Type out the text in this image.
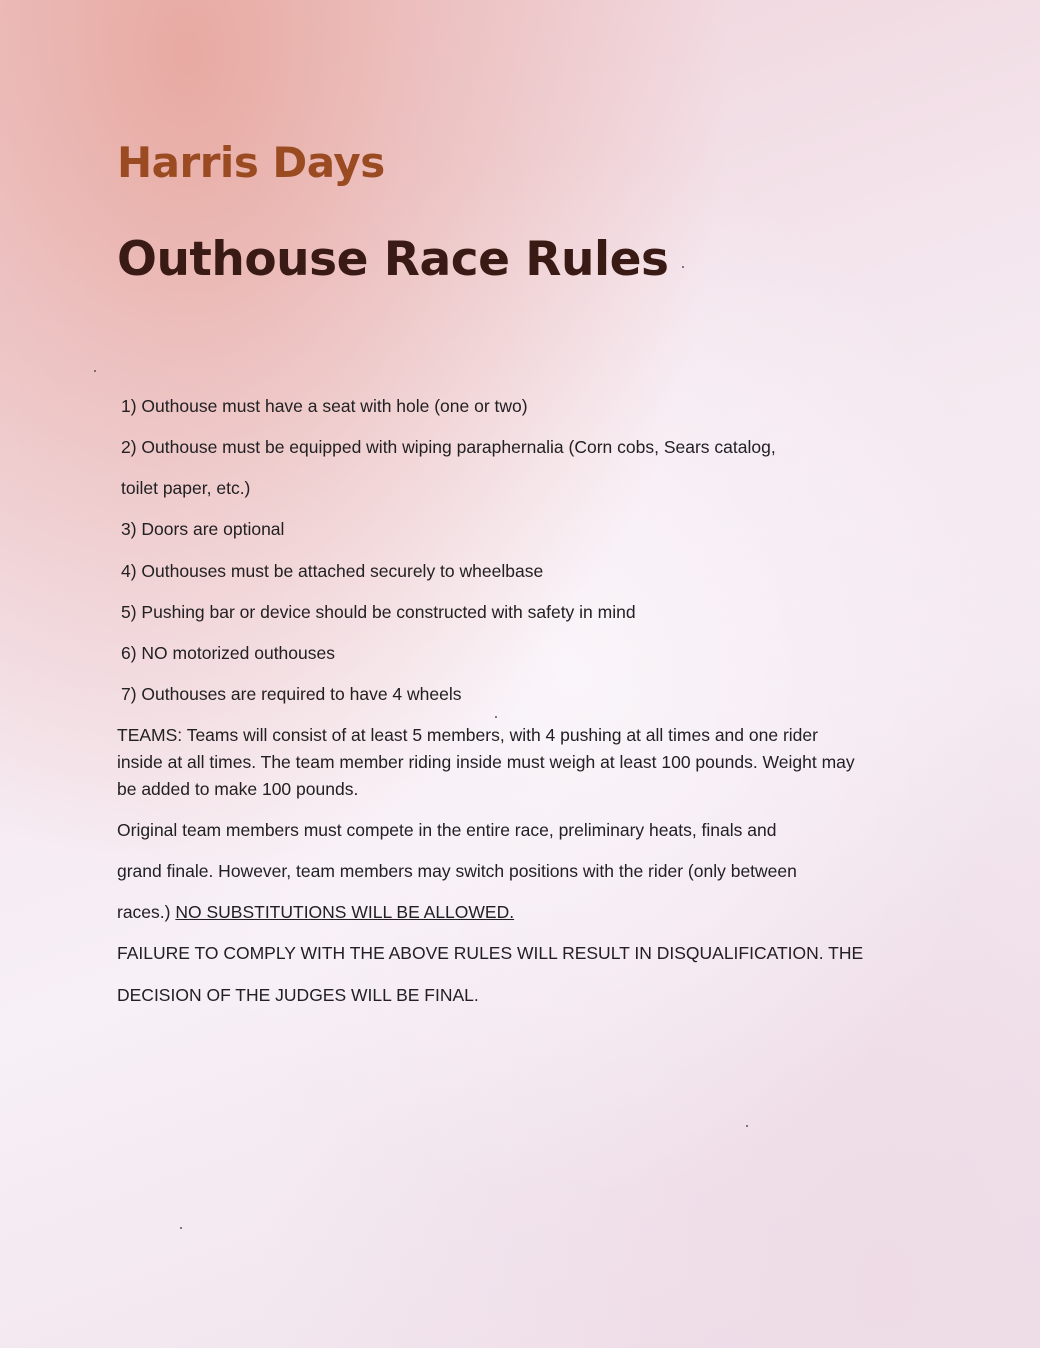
Harris Days
Outhouse Race Rules
1) Outhouse must have a seat with hole (one or two)
2) Outhouse must be equipped with wiping paraphernalia (Corn cobs, Sears catalog,
toilet paper, etc.)
3) Doors are optional
4) Outhouses must be attached securely to wheelbase
5) Pushing bar or device should be constructed with safety in mind
6) NO motorized outhouses
7) Outhouses are required to have 4 wheels
TEAMS: Teams will consist of at least 5 members, with 4 pushing at all times and one rider
inside at all times. The team member riding inside must weigh at least 100 pounds. Weight may
be added to make 100 pounds.
Original team members must compete in the entire race, preliminary heats, finals and
grand finale. However, team members may switch positions with the rider (only between
races.) NO SUBSTITUTIONS WILL BE ALLOWED.
FAILURE TO COMPLY WITH THE ABOVE RULES WILL RESULT IN DISQUALIFICATION. THE
DECISION OF THE JUDGES WILL BE FINAL.
